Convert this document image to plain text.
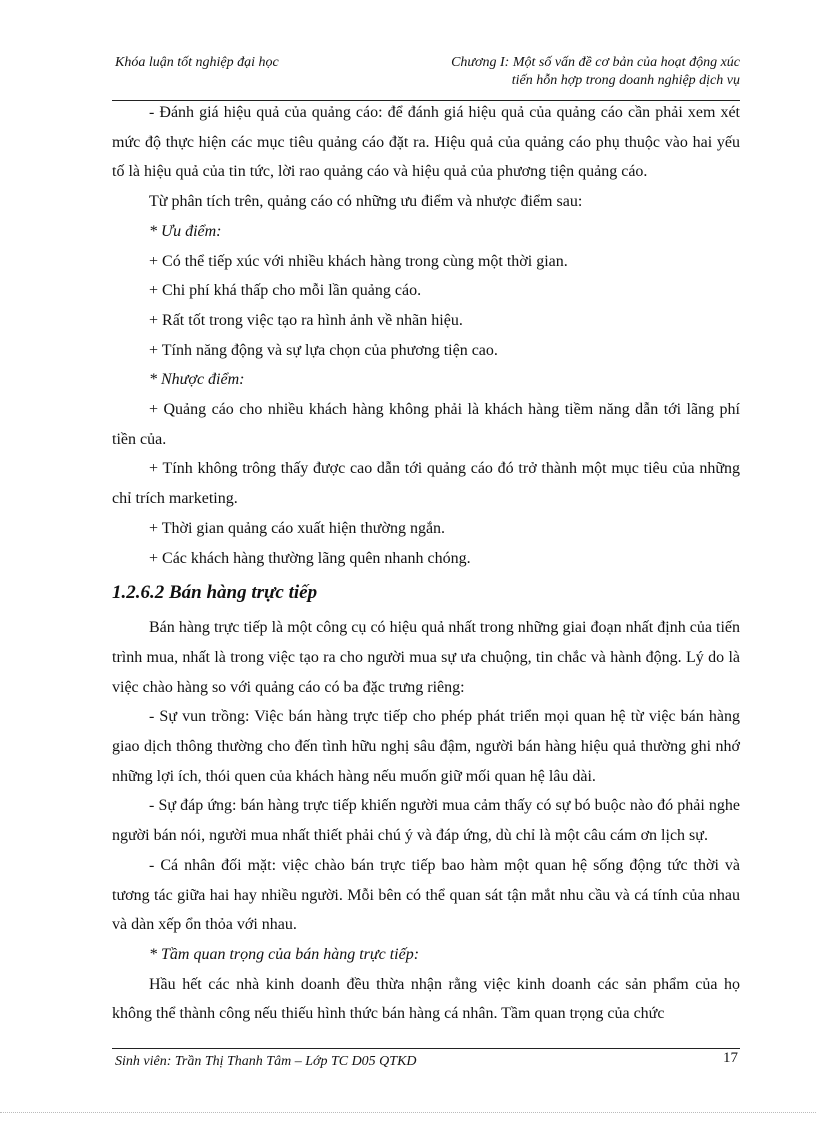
Khóa luận tốt nghiệp đại học	Chương I: Một số vấn đề cơ bản của hoạt động xúc
tiến hỗn hợp trong doanh nghiệp dịch vụ

- Đánh giá hiệu quả của quảng cáo: để đánh giá hiệu quả của quảng cáo cần phải xem xét mức độ thực hiện các mục tiêu quảng cáo đặt ra. Hiệu quả của quảng cáo phụ thuộc vào hai yếu tố là hiệu quả của tin tức, lời rao quảng cáo và hiệu quả của phương tiện quảng cáo.

Từ phân tích trên, quảng cáo có những ưu điểm và nhược điểm sau:

* Ưu điểm:

+ Có thể tiếp xúc với nhiều khách hàng trong cùng một thời gian.

+ Chi phí khá thấp cho mỗi lần quảng cáo.

+ Rất tốt trong việc tạo ra hình ảnh về nhãn hiệu.

+ Tính năng động và sự lựa chọn của phương tiện cao.

* Nhược điểm:

+ Quảng cáo cho nhiều khách hàng không phải là khách hàng tiềm năng dẫn tới lãng phí tiền của.

+ Tính không trông thấy được cao dẫn tới quảng cáo đó trở thành một mục tiêu của những chỉ trích marketing.

+ Thời gian quảng cáo xuất hiện thường ngắn.

+ Các khách hàng thường lãng quên nhanh chóng.

1.2.6.2 Bán hàng trực tiếp

Bán hàng trực tiếp là một công cụ có hiệu quả nhất trong những giai đoạn nhất định của tiến trình mua, nhất là trong việc tạo ra cho người mua sự ưa chuộng, tin chắc và hành động. Lý do là việc chào hàng so với quảng cáo có ba đặc trưng riêng:

- Sự vun trồng: Việc bán hàng trực tiếp cho phép phát triển mọi quan hệ từ việc bán hàng giao dịch thông thường cho đến tình hữu nghị sâu đậm, người bán hàng hiệu quả thường ghi nhớ những lợi ích, thói quen của khách hàng nếu muốn giữ mối quan hệ lâu dài.

- Sự đáp ứng: bán hàng trực tiếp khiến người mua cảm thấy có sự bó buộc nào đó phải nghe người bán nói, người mua nhất thiết phải chú ý và đáp ứng, dù chỉ là một câu cám ơn lịch sự.

- Cá nhân đối mặt: việc chào bán trực tiếp bao hàm một quan hệ sống động tức thời và tương tác giữa hai hay nhiều người. Mỗi bên có thể quan sát tận mắt nhu cầu và cá tính của nhau và dàn xếp ổn thỏa với nhau.

* Tầm quan trọng của bán hàng trực tiếp:

Hầu hết các nhà kinh doanh đều thừa nhận rằng việc kinh doanh các sản phẩm của họ không thể thành công nếu thiếu hình thức bán hàng cá nhân. Tầm quan trọng của chức

Sinh viên: Trần Thị Thanh Tâm – Lớp TC D05 QTKD	17
